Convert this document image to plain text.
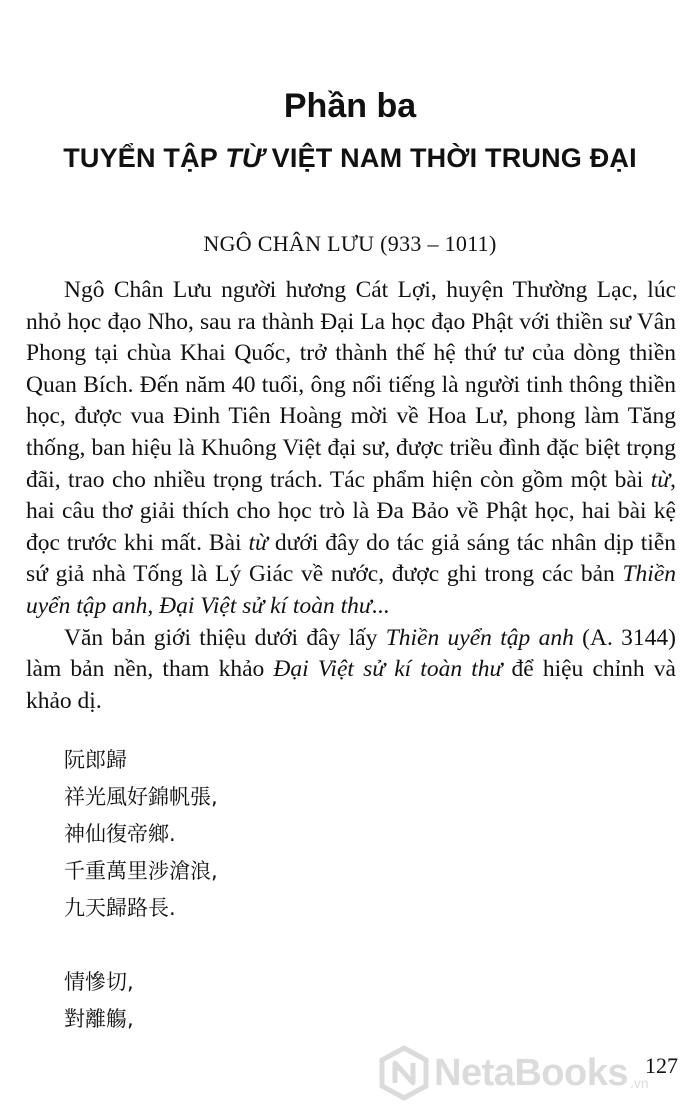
Phần ba
TUYỂN TẬP TỪ VIỆT NAM THỜI TRUNG ĐẠI
NGÔ CHÂN LƯU (933 – 1011)

Ngô Chân Lưu người hương Cát Lợi, huyện Thường Lạc, lúc nhỏ học đạo Nho, sau ra thành Đại La học đạo Phật với thiền sư Vân Phong tại chùa Khai Quốc, trở thành thế hệ thứ tư của dòng thiền Quan Bích. Đến năm 40 tuổi, ông nổi tiếng là người tinh thông thiền học, được vua Đinh Tiên Hoàng mời về Hoa Lư, phong làm Tăng thống, ban hiệu là Khuông Việt đại sư, được triều đình đặc biệt trọng đãi, trao cho nhiều trọng trách. Tác phẩm hiện còn gồm một bài từ, hai câu thơ giải thích cho học trò là Đa Bảo về Phật học, hai bài kệ đọc trước khi mất. Bài từ dưới đây do tác giả sáng tác nhân dịp tiễn sứ giả nhà Tống là Lý Giác về nước, được ghi trong các bản Thiền uyển tập anh, Đại Việt sử kí toàn thư...

Văn bản giới thiệu dưới đây lấy Thiền uyển tập anh (A. 3144) làm bản nền, tham khảo Đại Việt sử kí toàn thư để hiệu chỉnh và khảo dị.

阮郎歸
祥光風好錦帆張,
神仙復帝鄉.
千重萬里涉滄浪,
九天歸路長.
情慘切,
對離觴,
NetaBooks .vn
127
